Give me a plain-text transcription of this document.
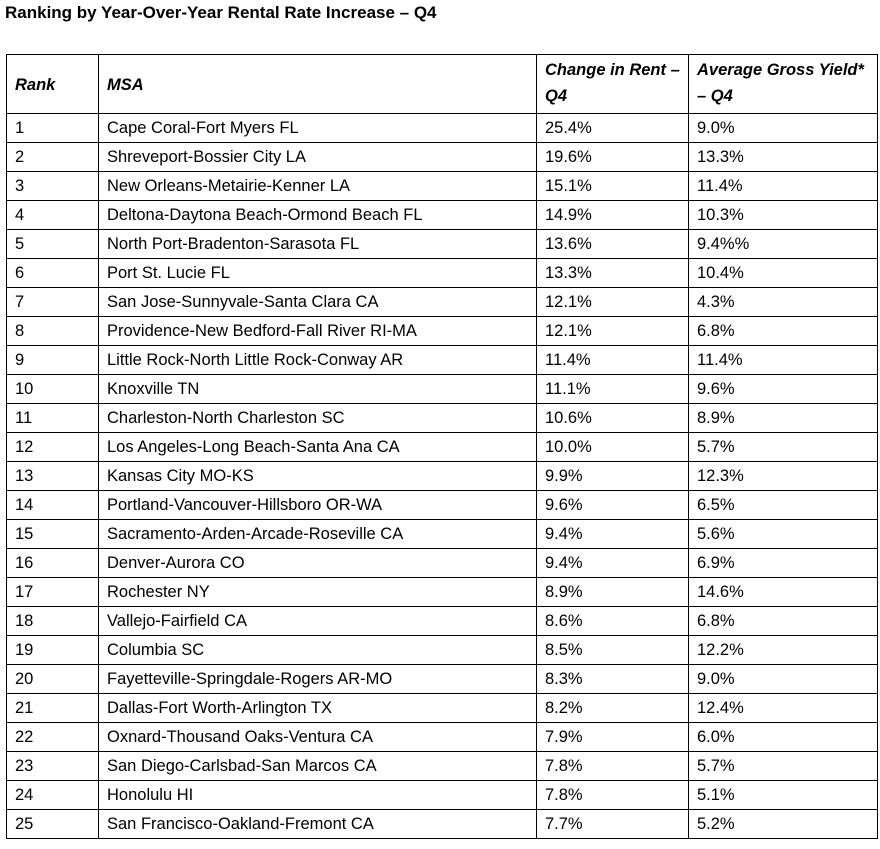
Ranking by Year-Over-Year Rental Rate Increase – Q4
Rank	MSA	Change in Rent – Q4	Average Gross Yield* – Q4
1	Cape Coral-Fort Myers FL	25.4%	9.0%
2	Shreveport-Bossier City LA	19.6%	13.3%
3	New Orleans-Metairie-Kenner LA	15.1%	11.4%
4	Deltona-Daytona Beach-Ormond Beach FL	14.9%	10.3%
5	North Port-Bradenton-Sarasota FL	13.6%	9.4%%
6	Port St. Lucie FL	13.3%	10.4%
7	San Jose-Sunnyvale-Santa Clara CA	12.1%	4.3%
8	Providence-New Bedford-Fall River RI-MA	12.1%	6.8%
9	Little Rock-North Little Rock-Conway AR	11.4%	11.4%
10	Knoxville TN	11.1%	9.6%
11	Charleston-North Charleston SC	10.6%	8.9%
12	Los Angeles-Long Beach-Santa Ana CA	10.0%	5.7%
13	Kansas City MO-KS	9.9%	12.3%
14	Portland-Vancouver-Hillsboro OR-WA	9.6%	6.5%
15	Sacramento-Arden-Arcade-Roseville CA	9.4%	5.6%
16	Denver-Aurora CO	9.4%	6.9%
17	Rochester NY	8.9%	14.6%
18	Vallejo-Fairfield CA	8.6%	6.8%
19	Columbia SC	8.5%	12.2%
20	Fayetteville-Springdale-Rogers AR-MO	8.3%	9.0%
21	Dallas-Fort Worth-Arlington TX	8.2%	12.4%
22	Oxnard-Thousand Oaks-Ventura CA	7.9%	6.0%
23	San Diego-Carlsbad-San Marcos CA	7.8%	5.7%
24	Honolulu HI	7.8%	5.1%
25	San Francisco-Oakland-Fremont CA	7.7%	5.2%
